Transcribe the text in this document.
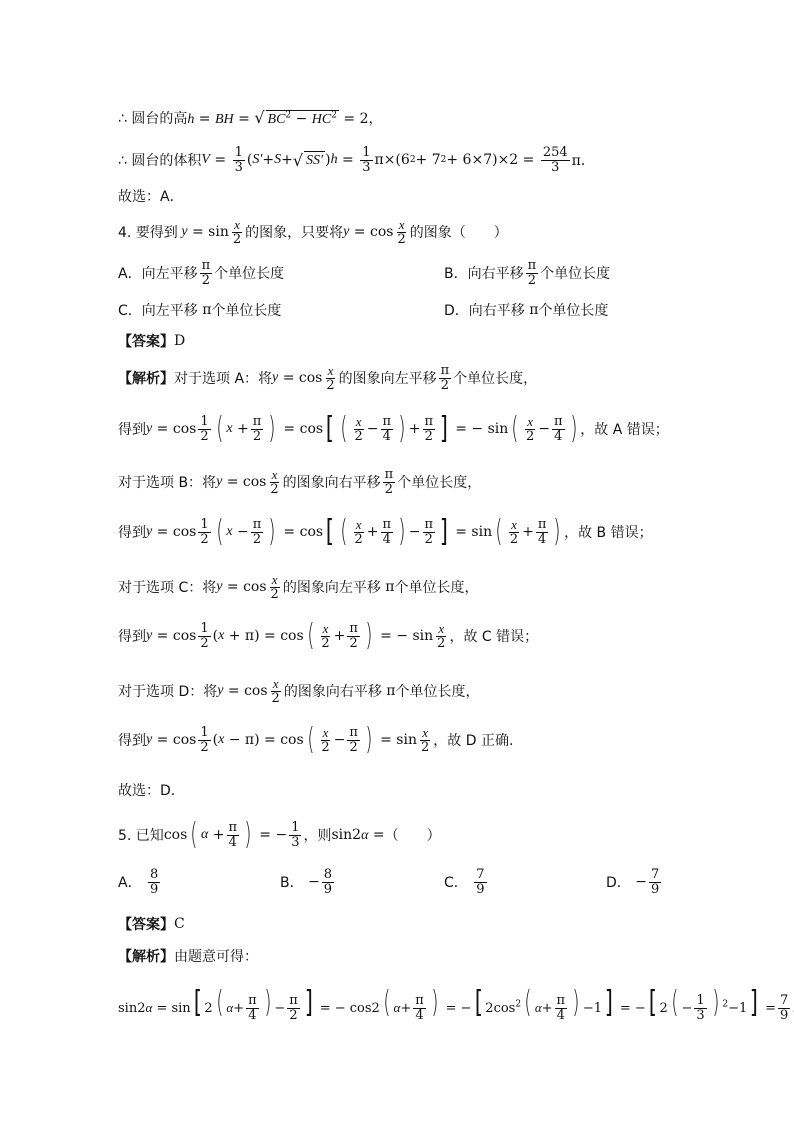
∴ 圆台的高 h = BH = √ $BC^2 - HC^2 = 2$，
∴ 圆台的体积 $V = \frac{1}{3}$ ( S′ + S + √ SS′ ) $h = \frac{1}{3} \pi\times(6$ 2 + 7 $2 + 6\times 7)\times 2 = \frac{254}{3}$ π．
故选：A．
4. 要得到 $y = \sin \frac{x}{2}$ 的图象，只要将 $y = \cos \frac{x}{2}$ 的图象（　　）
A．向左平移 $\frac{\pi}{2}$ 个单位长度	B．向右平移 $\frac{\pi}{2}$ 个单位长度
C．向左平移 π 个单位长度	D．向右平移 π 个单位长度
【答案】 D
【解析】 对于选项 A：将 $y = \cos \frac{x}{2}$ 的图象向左平移 $\frac{\pi}{2}$ 个单位长度，
得到 $y = \cos \frac{1}{2}$ ( $x + \frac{\pi}{2}$ ) = cos [ ( $\frac{x}{2} - \frac{\pi}{4}$ ) + $\frac{\pi}{2}$ ] = − sin ( $\frac{x}{2} - \frac{\pi}{4}$ ) ，故 A 错误；
对于选项 B：将 $y = \cos \frac{x}{2}$ 的图象向右平移 $\frac{\pi}{2}$ 个单位长度，
得到 $y = \cos \frac{1}{2}$ ( $x - \frac{\pi}{2}$ ) = cos [ ( $\frac{x}{2} + \frac{\pi}{4}$ ) − $\frac{\pi}{2}$ ] = sin ( $\frac{x}{2} + \frac{\pi}{4}$ ) ，故 B 错误；
对于选项 C：将 $y = \cos \frac{x}{2}$ 的图象向左平移 π 个单位长度，
得到 $y = \cos \frac{1}{2}$ ( x + π) = cos ( $\frac{x}{2} + \frac{\pi}{2}$ ) = − $\sin \frac{x}{2}$ ，故 C 错误；
对于选项 D：将 $y = \cos \frac{x}{2}$ 的图象向右平移 π 个单位长度，
得到 $y = \cos \frac{1}{2}$ ( x − π) = cos ( $\frac{x}{2} - \frac{\pi}{2}$ ) = $\sin \frac{x}{2}$ ，故 D 正确.
故选：D.
5. 已知 cos ( $\alpha + \frac{\pi}{4}$ ) = − $\frac{1}{3}$ ，则 sin2α = （　　）
A．
$\frac{8}{9}$	B． − $\frac{8}{9}$	C．
$\frac{7}{9}$	D． − $\frac{7}{9}$
【答案】 C
【解析】 由题意可得：
sin2α = sin[ 2 ( $\alpha+ \frac{\pi}{4}$ ) − $\frac{\pi}{2}$ ] = − cos2 ( $\alpha+ \frac{\pi}{4}$ ) = −[ $2\cos^2$ ( $\alpha+ \frac{\pi}{4}$ ) −1] = −[ 2 ( − $\frac{1}{3}$ ) $^2-1] = \frac{7}{9}$
